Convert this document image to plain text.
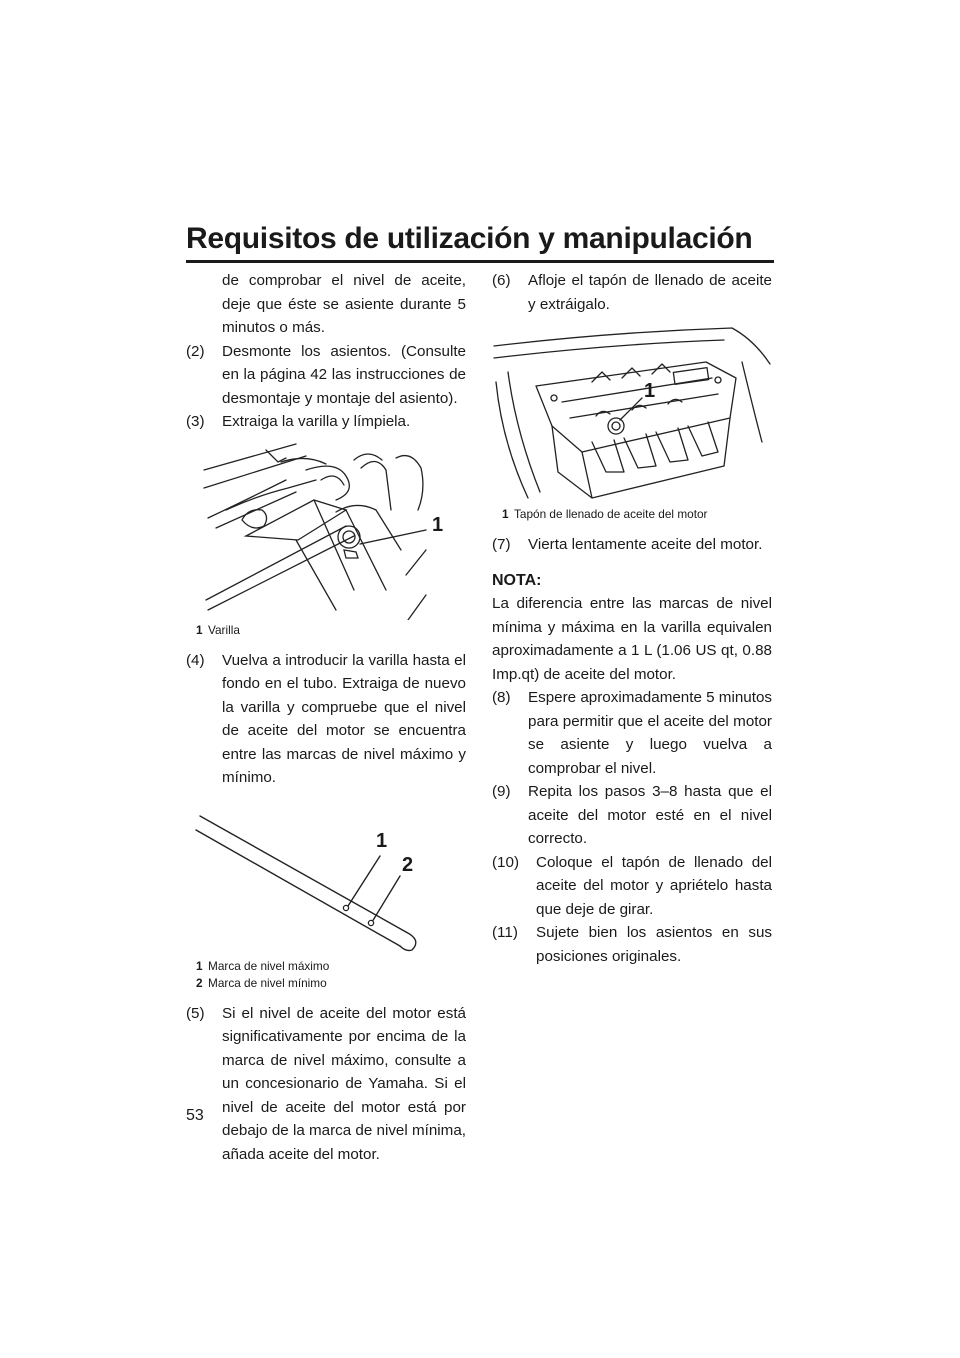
Requisitos de utilización y manipulación

de comprobar el nivel de aceite, deje que éste se asiente durante 5 minutos o más.

(2)	Desmonte los asientos. (Consulte en la página 42 las instrucciones de desmontaje y montaje del asiento).
(3)	Extraiga la varilla y límpiela.
1
1 Varilla
(4)	Vuelva a introducir la varilla hasta el fondo en el tubo. Extraiga de nuevo la varilla y compruebe que el nivel de aceite del motor se encuentra entre las marcas de nivel máximo y mínimo.
1
2
1 Marca de nivel máximo
2 Marca de nivel mínimo
(5)	Si el nivel de aceite del motor está significativamente por encima de la marca de nivel máximo, consulte a un concesionario de Yamaha. Si el nivel de aceite del motor está por debajo de la marca de nivel mínima, añada aceite del motor.
(6)	Afloje el tapón de llenado de aceite y extráigalo.
1
1 Tapón de llenado de aceite del motor
(7)	Vierta lentamente aceite del motor.

NOTA:

La diferencia entre las marcas de nivel mínima y máxima en la varilla equivalen aproximadamente a 1 L (1.06 US qt, 0.88 Imp.qt) de aceite del motor.

(8)	Espere aproximadamente 5 minutos para permitir que el aceite del motor se asiente y luego vuelva a comprobar el nivel.
(9)	Repita los pasos 3–8 hasta que el aceite del motor esté en el nivel correcto.
(10)	Coloque el tapón de llenado del aceite del motor y apriételo hasta que deje de girar.
(11)	Sujete bien los asientos en sus posiciones originales.
53
